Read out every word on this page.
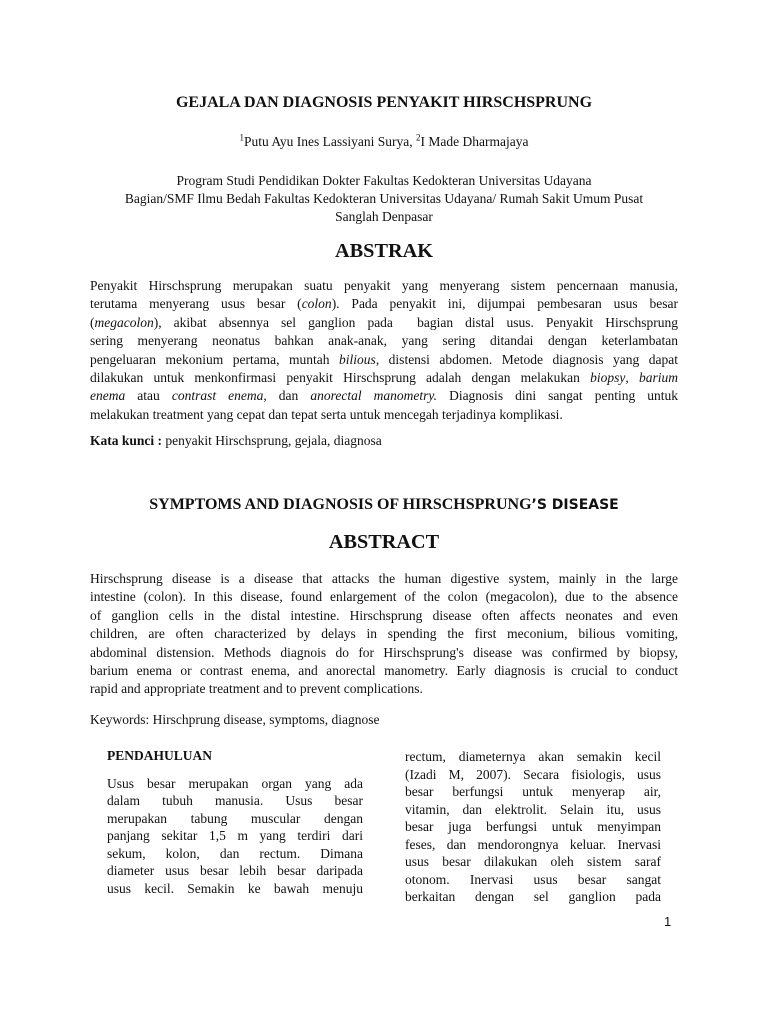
GEJALA DAN DIAGNOSIS PENYAKIT HIRSCHSPRUNG

$^1$Putu Ayu Ines Lassiyani Surya, $^2$I Made Dharmajaya

Program Studi Pendidikan Dokter Fakultas Kedokteran Universitas Udayana
Bagian/SMF Ilmu Bedah Fakultas Kedokteran Universitas Udayana/ Rumah Sakit Umum Pusat
Sanglah Denpasar
ABSTRAK
Penyakit Hirschsprung merupakan suatu penyakit yang menyerang sistem pencernaan manusia,
terutama menyerang usus besar (colon). Pada penyakit ini, dijumpai pembesaran usus besar
(megacolon), akibat absennya sel ganglion pada  bagian distal usus. Penyakit Hirschsprung
sering menyerang neonatus bahkan anak-anak, yang sering ditandai dengan keterlambatan
pengeluaran mekonium pertama, muntah bilious, distensi abdomen. Metode diagnosis yang dapat
dilakukan untuk menkonfirmasi penyakit Hirschsprung adalah dengan melakukan biopsy, barium
enema atau contrast enema, dan anorectal manometry. Diagnosis dini sangat penting untuk
melakukan treatment yang cepat dan tepat serta untuk mencegah terjadinya komplikasi.

Kata kunci : penyakit Hirschsprung, gejala, diagnosa

SYMPTOMS AND DIAGNOSIS OF HIRSCHSPRUNG’S DISEASE
ABSTRACT
Hirschsprung disease is a disease that attacks the human digestive system, mainly in the large
intestine (colon). In this disease, found enlargement of the colon (megacolon), due to the absence
of ganglion cells in the distal intestine. Hirschsprung disease often affects neonates and even
children, are often characterized by delays in spending the first meconium, bilious vomiting,
abdominal distension. Methods diagnois do for Hirschsprung's disease was confirmed by biopsy,
barium enema or contrast enema, and anorectal manometry. Early diagnosis is crucial to conduct
rapid and appropriate treatment and to prevent complications.

Keywords: Hirschprung disease, symptoms, diagnose

PENDAHULUAN
Usus besar merupakan organ yang ada
dalam tubuh manusia. Usus besar
merupakan tabung muscular dengan
panjang sekitar 1,5 m yang terdiri dari
sekum, kolon, dan rectum. Dimana
diameter usus besar lebih besar daripada
usus kecil. Semakin ke bawah menuju
rectum, diameternya akan semakin kecil
(Izadi M, 2007). Secara fisiologis, usus
besar berfungsi untuk menyerap air,
vitamin, dan elektrolit. Selain itu, usus
besar juga berfungsi untuk menyimpan
feses, dan mendorongnya keluar. Inervasi
usus besar dilakukan oleh sistem saraf
otonom. Inervasi usus besar sangat
berkaitan dengan sel ganglion pada
1
